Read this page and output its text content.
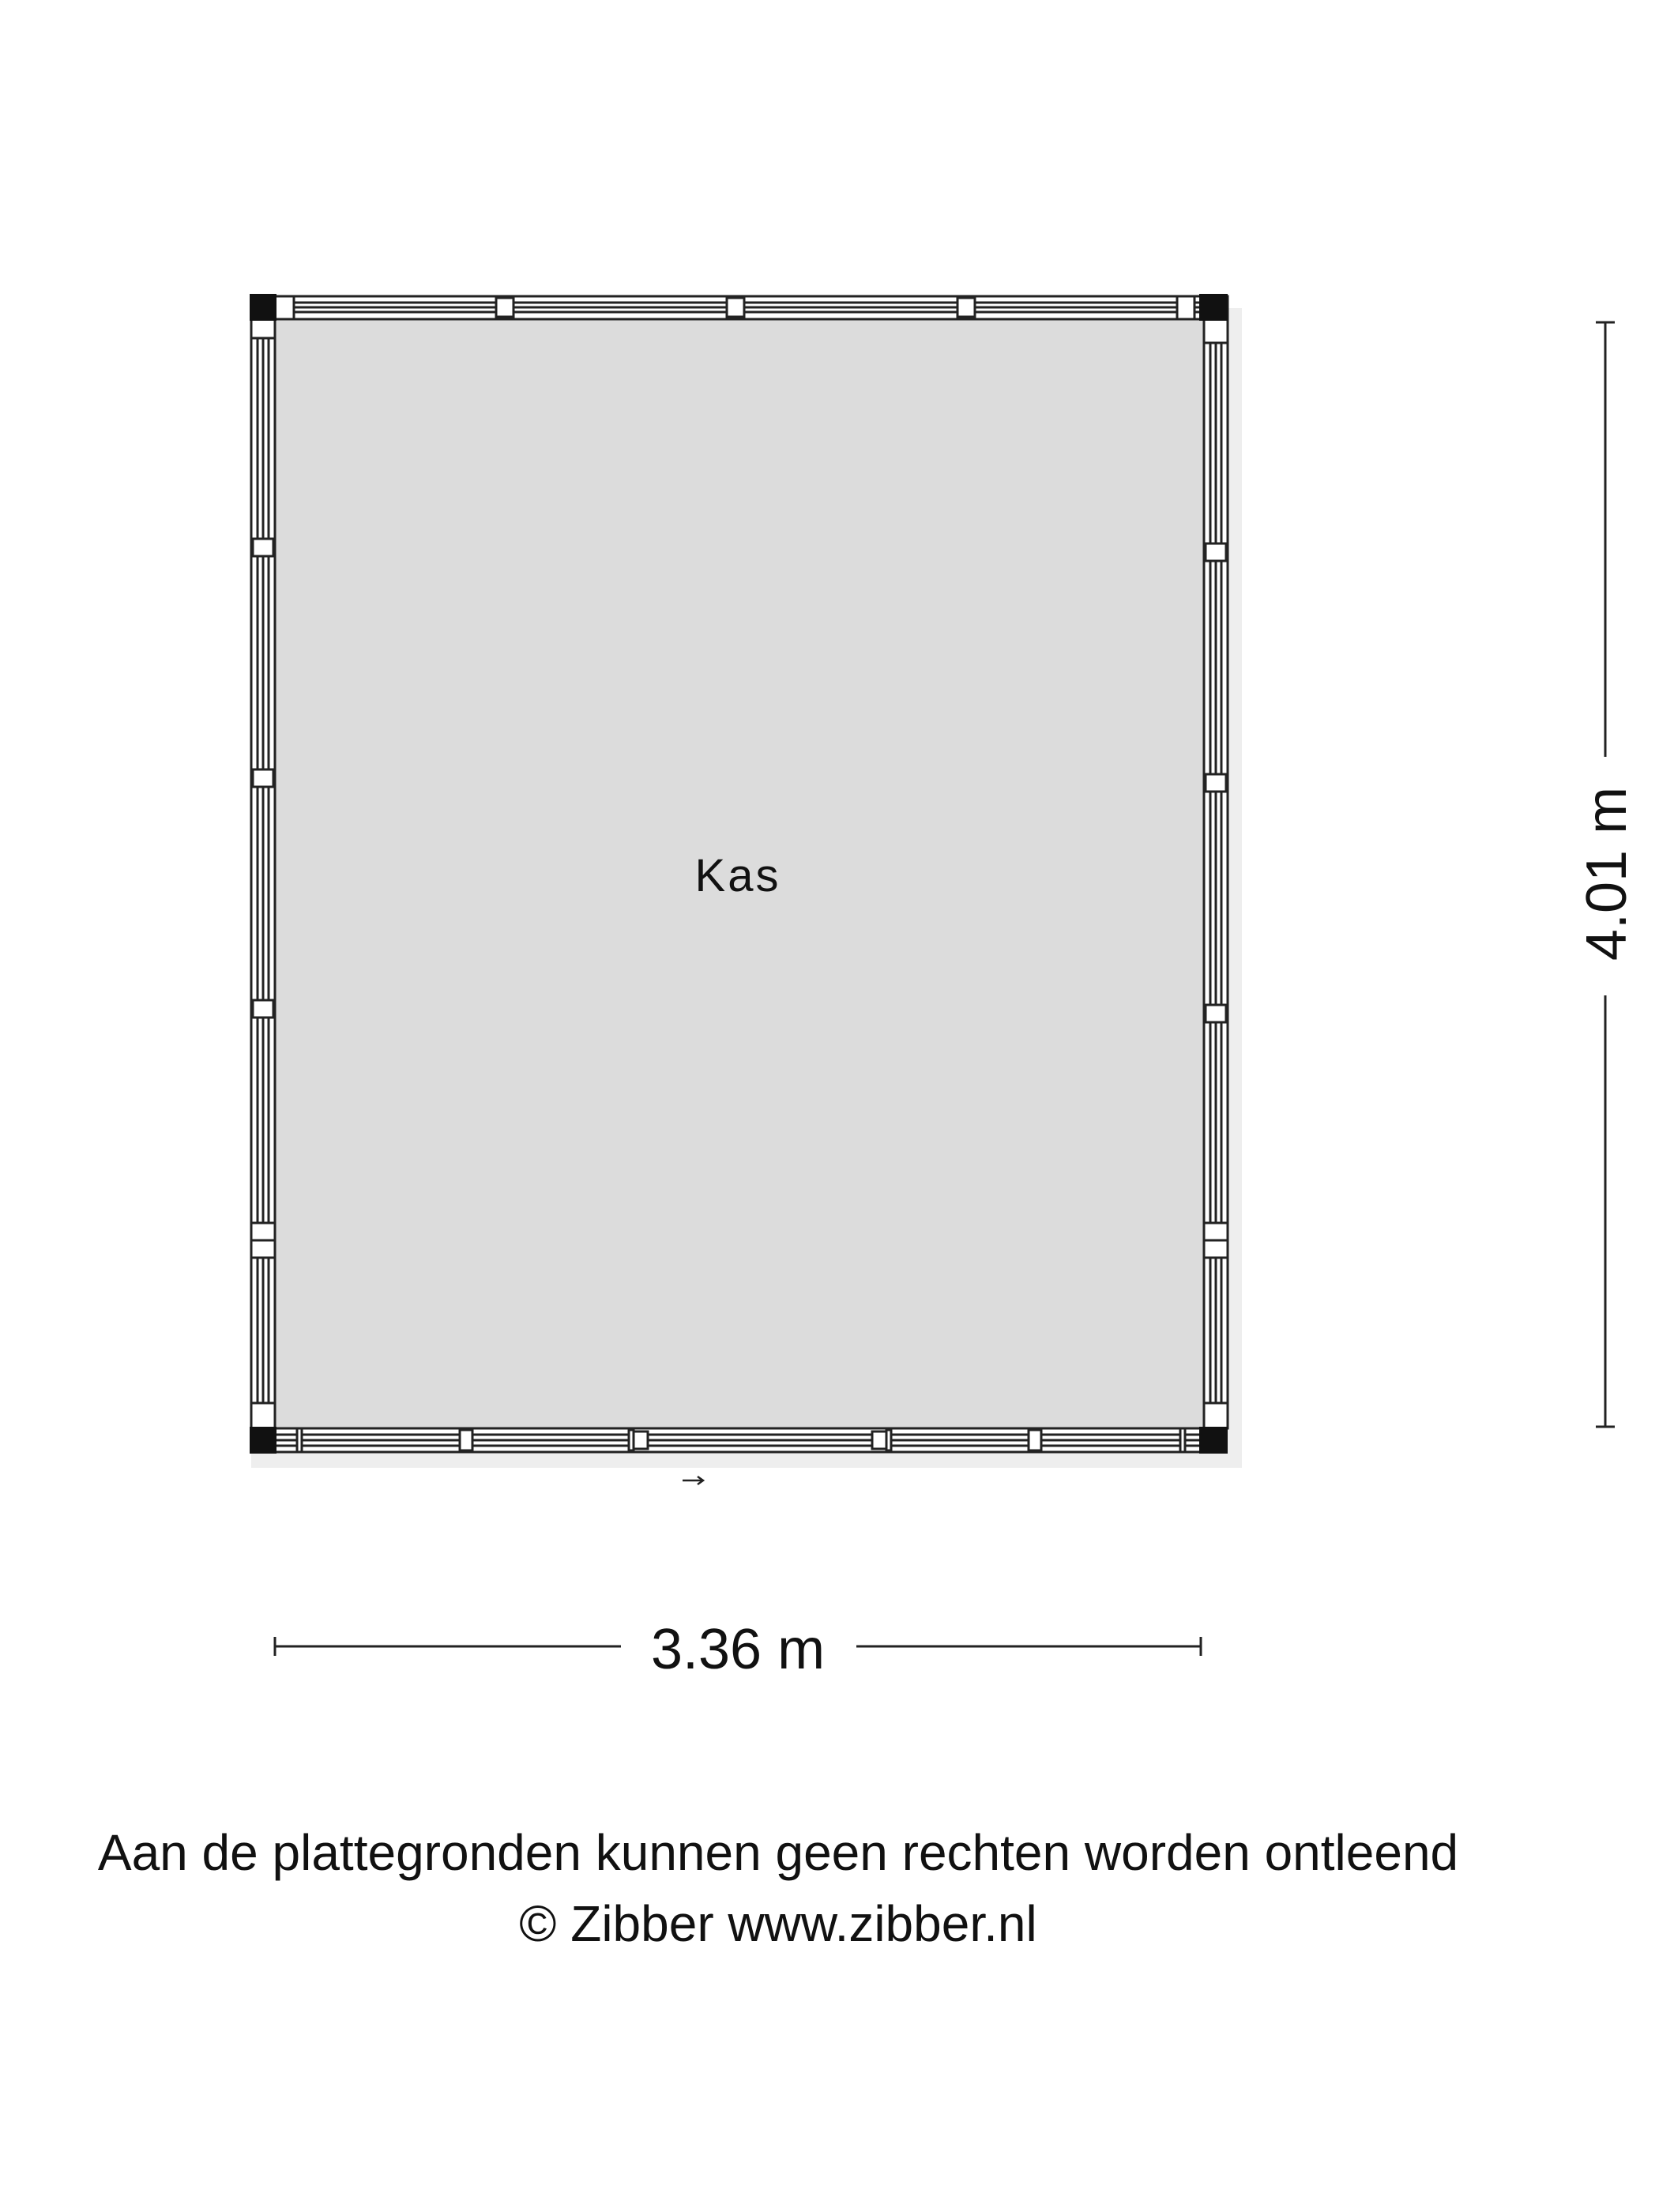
Kas
3.36 m
4.01 m
Aan de plattegronden kunnen geen rechten worden ontleend
© Zibber www.zibber.nl
